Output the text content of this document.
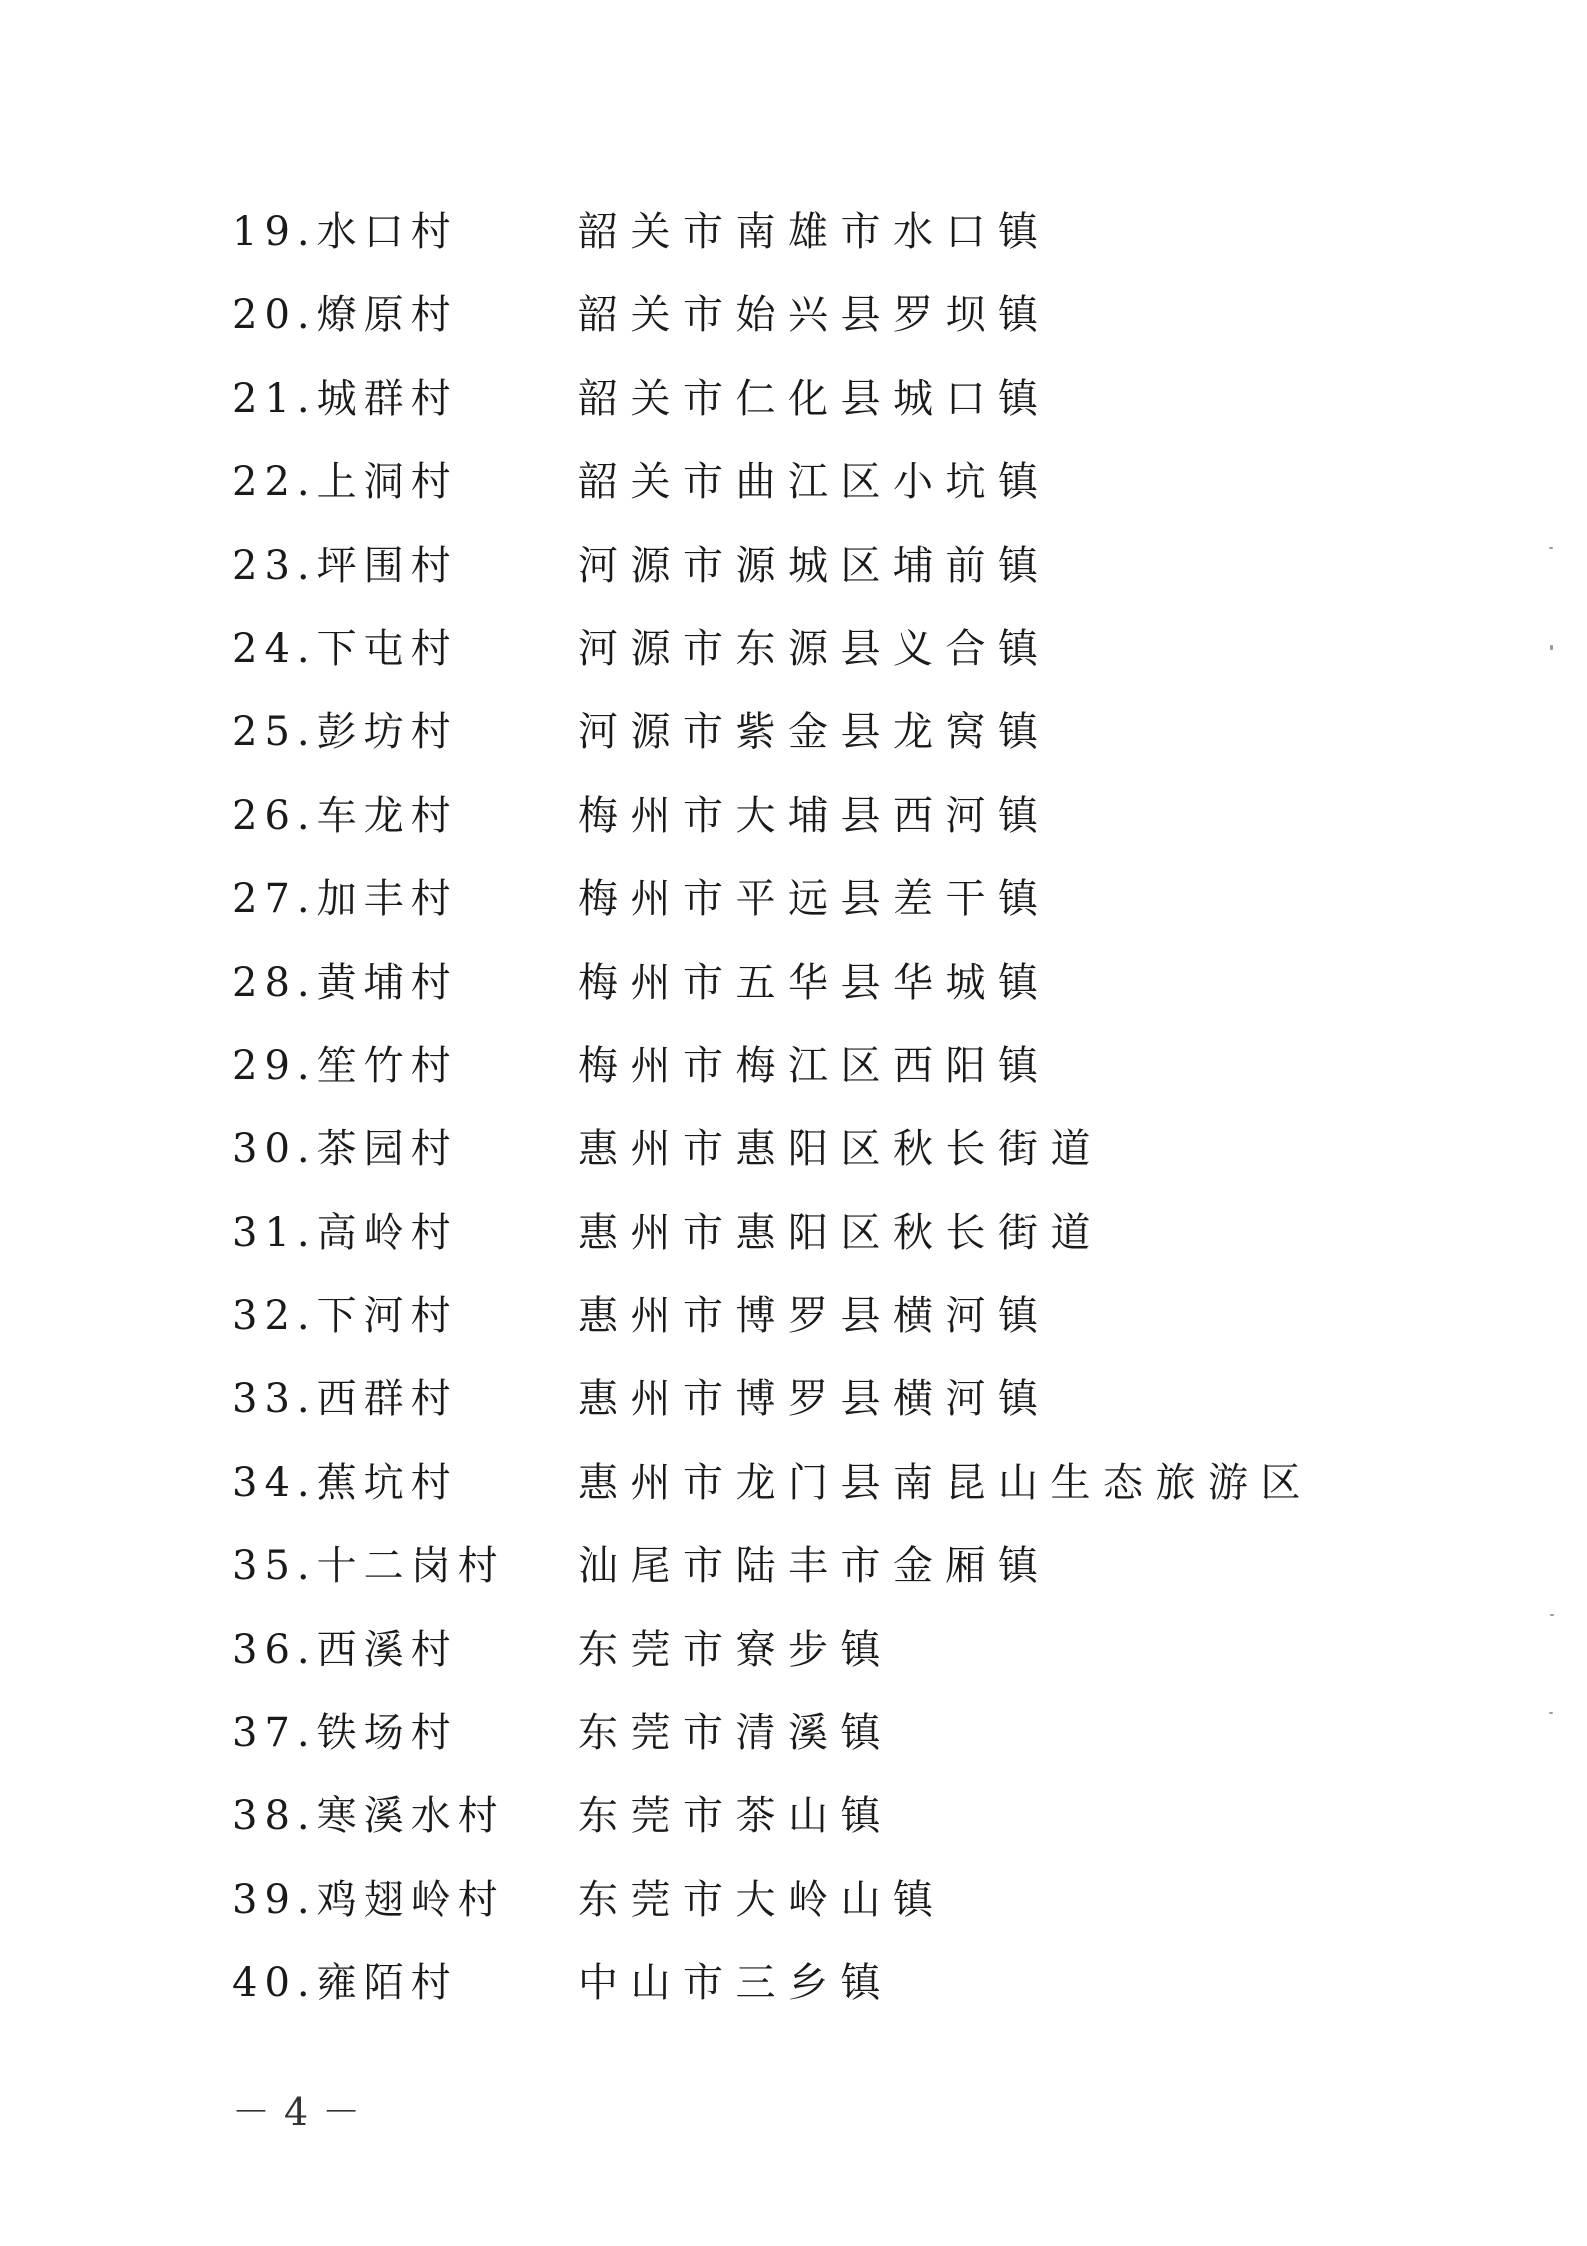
19.水口村	韶关市南雄市水口镇
20.燎原村	韶关市始兴县罗坝镇
21.城群村	韶关市仁化县城口镇
22.上洞村	韶关市曲江区小坑镇
23.坪围村	河源市源城区埔前镇
24.下屯村	河源市东源县义合镇
25.彭坊村	河源市紫金县龙窝镇
26.车龙村	梅州市大埔县西河镇
27.加丰村	梅州市平远县差干镇
28.黄埔村	梅州市五华县华城镇
29.笙竹村	梅州市梅江区西阳镇
30.茶园村	惠州市惠阳区秋长街道
31.高岭村	惠州市惠阳区秋长街道
32.下河村	惠州市博罗县横河镇
33.西群村	惠州市博罗县横河镇
34.蕉坑村	惠州市龙门县南昆山生态旅游区
35.十二岗村 汕尾市陆丰市金厢镇
36.西溪村	东莞市寮步镇
37.铁场村	东莞市清溪镇
38.寒溪水村 东莞市茶山镇
39.鸡翅岭村 东莞市大岭山镇
40.雍陌村	中山市三乡镇
－4－
